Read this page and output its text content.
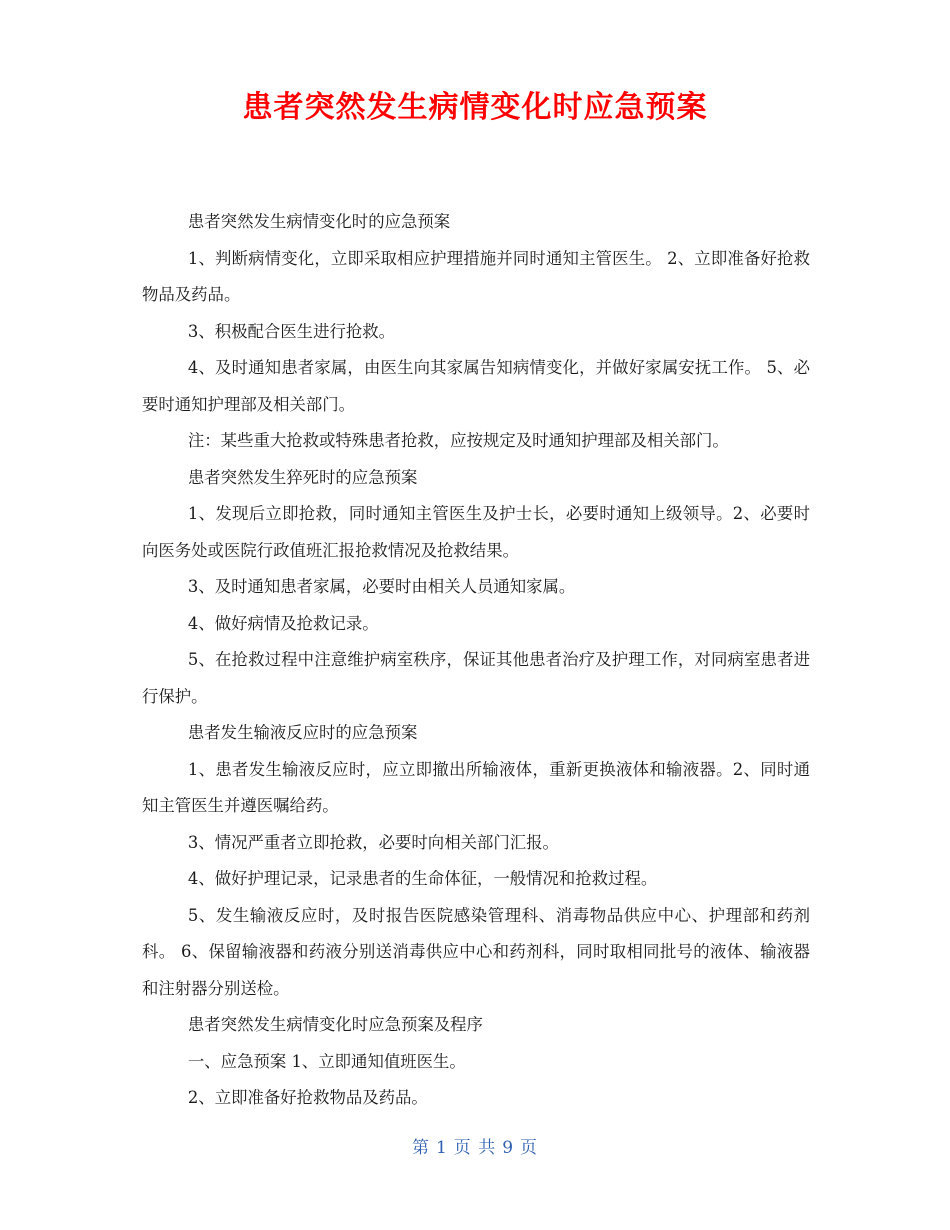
患者突然发生病情变化时应急预案

患者突然发生病情变化时的应急预案

1、判断病情变化，立即采取相应护理措施并同时通知主管医生。 2、立即准备好抢救物品及药品。

3、积极配合医生进行抢救。

4、及时通知患者家属，由医生向其家属告知病情变化，并做好家属安抚工作。 5、必要时通知护理部及相关部门。

注：某些重大抢救或特殊患者抢救，应按规定及时通知护理部及相关部门。

患者突然发生猝死时的应急预案

1、发现后立即抢救，同时通知主管医生及护士长，必要时通知上级领导。2、必要时向医务处或医院行政值班汇报抢救情况及抢救结果。

3、及时通知患者家属，必要时由相关人员通知家属。

4、做好病情及抢救记录。

5、在抢救过程中注意维护病室秩序，保证其他患者治疗及护理工作，对同病室患者进行保护。

患者发生输液反应时的应急预案

1、患者发生输液反应时，应立即撤出所输液体，重新更换液体和输液器。2、同时通知主管医生并遵医嘱给药。

3、情况严重者立即抢救，必要时向相关部门汇报。

4、做好护理记录，记录患者的生命体征，一般情况和抢救过程。

5、发生输液反应时，及时报告医院感染管理科、消毒物品供应中心、护理部和药剂科。 6、保留输液器和药液分别送消毒供应中心和药剂科，同时取相同批号的液体、输液器和注射器分别送检。

患者突然发生病情变化时应急预案及程序

一、应急预案 1、立即通知值班医生。

2、立即准备好抢救物品及药品。

第 1 页 共 9 页
